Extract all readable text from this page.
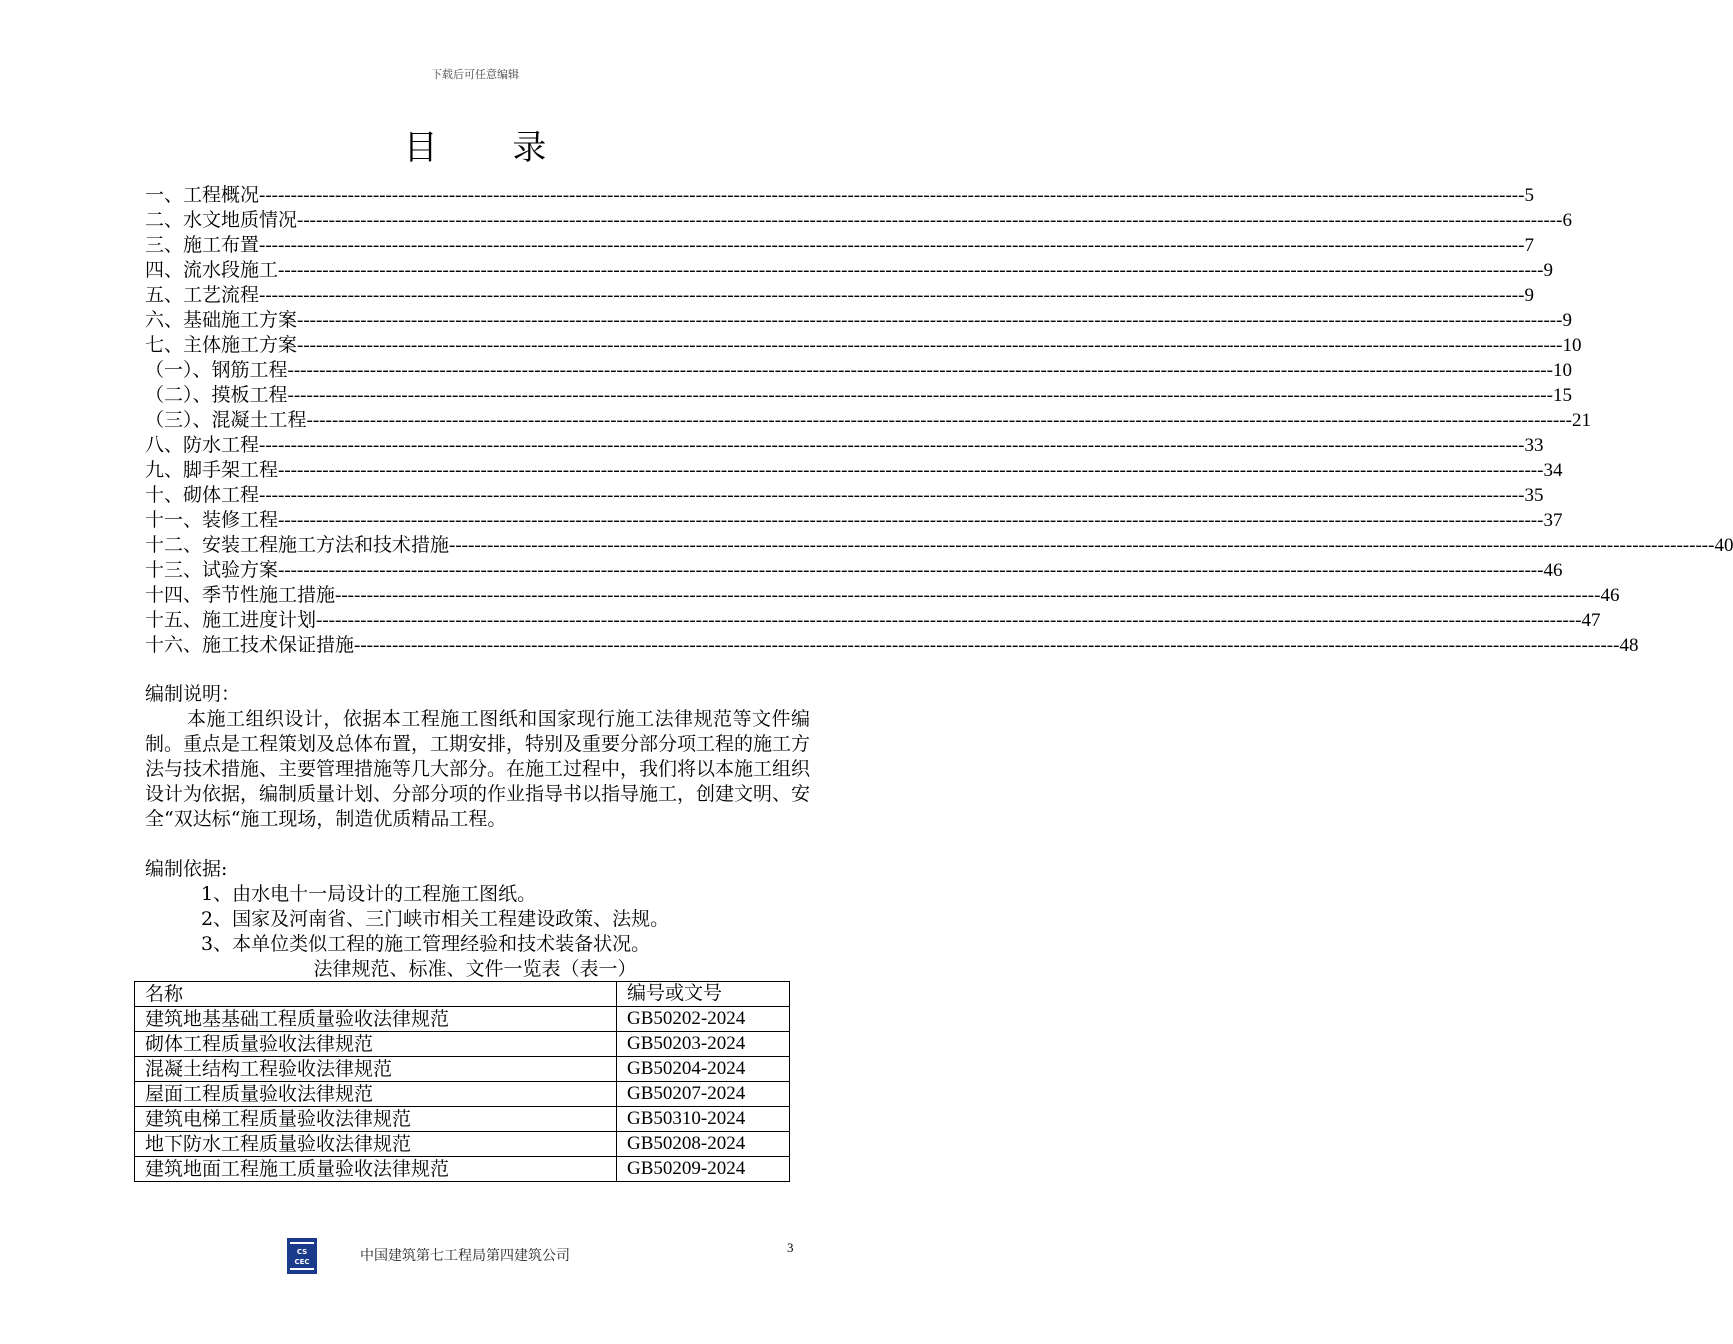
下载后可任意编辑
目 录
一、工程概况 -------------------------------------------------------------------------------------------------------------------------------------------------------------------------------------------------------- 5
二、水文地质情况 -------------------------------------------------------------------------------------------------------------------------------------------------------------------------------------------------------- 6
三、施工布置 -------------------------------------------------------------------------------------------------------------------------------------------------------------------------------------------------------- 7
四、流水段施工 -------------------------------------------------------------------------------------------------------------------------------------------------------------------------------------------------------- 9
五、工艺流程 -------------------------------------------------------------------------------------------------------------------------------------------------------------------------------------------------------- 9
六、基础施工方案 -------------------------------------------------------------------------------------------------------------------------------------------------------------------------------------------------------- 9
七、主体施工方案 -------------------------------------------------------------------------------------------------------------------------------------------------------------------------------------------------------- 10
（一）、钢筋工程 -------------------------------------------------------------------------------------------------------------------------------------------------------------------------------------------------------- 10
（二）、摸板工程 -------------------------------------------------------------------------------------------------------------------------------------------------------------------------------------------------------- 15
（三）、混凝土工程 -------------------------------------------------------------------------------------------------------------------------------------------------------------------------------------------------------- 21
八、防水工程 -------------------------------------------------------------------------------------------------------------------------------------------------------------------------------------------------------- 33
九、脚手架工程 -------------------------------------------------------------------------------------------------------------------------------------------------------------------------------------------------------- 34
十、砌体工程 -------------------------------------------------------------------------------------------------------------------------------------------------------------------------------------------------------- 35
十一、装修工程 -------------------------------------------------------------------------------------------------------------------------------------------------------------------------------------------------------- 37
十二、安装工程施工方法和技术措施 -------------------------------------------------------------------------------------------------------------------------------------------------------------------------------------------------------- 40
十三、试验方案 -------------------------------------------------------------------------------------------------------------------------------------------------------------------------------------------------------- 46
十四、季节性施工措施 -------------------------------------------------------------------------------------------------------------------------------------------------------------------------------------------------------- 46
十五、施工进度计划 -------------------------------------------------------------------------------------------------------------------------------------------------------------------------------------------------------- 47
十六、施工技术保证措施 -------------------------------------------------------------------------------------------------------------------------------------------------------------------------------------------------------- 48
编制说明：
本施工组织设计，依据本工程施工图纸和国家现行施工法律规范等文件编制。重点是工程策划及总体布置，工期安排，特别及重要分部分项工程的施工方法与技术措施、主要管理措施等几大部分。在施工过程中，我们将以本施工组织设计为依据，编制质量计划、分部分项的作业指导书以指导施工，创建文明、安全“双达标“施工现场，制造优质精品工程。
编制依据:
1、由水电十一局设计的工程施工图纸。
2、国家及河南省、三门峡市相关工程建设政策、法规。
3、本单位类似工程的施工管理经验和技术装备状况。
法律规范、标准、文件一览表（表一）
名称	编号或文号
建筑地基基础工程质量验收法律规范	GB50202-2024
砌体工程质量验收法律规范	GB50203-2024
混凝土结构工程验收法律规范	GB50204-2024
屋面工程质量验收法律规范	GB50207-2024
建筑电梯工程质量验收法律规范	GB50310-2024
地下防水工程质量验收法律规范	GB50208-2024
建筑地面工程施工质量验收法律规范	GB50209-2024
CS
CEC	中国建筑第七工程局第四建筑公司
3
